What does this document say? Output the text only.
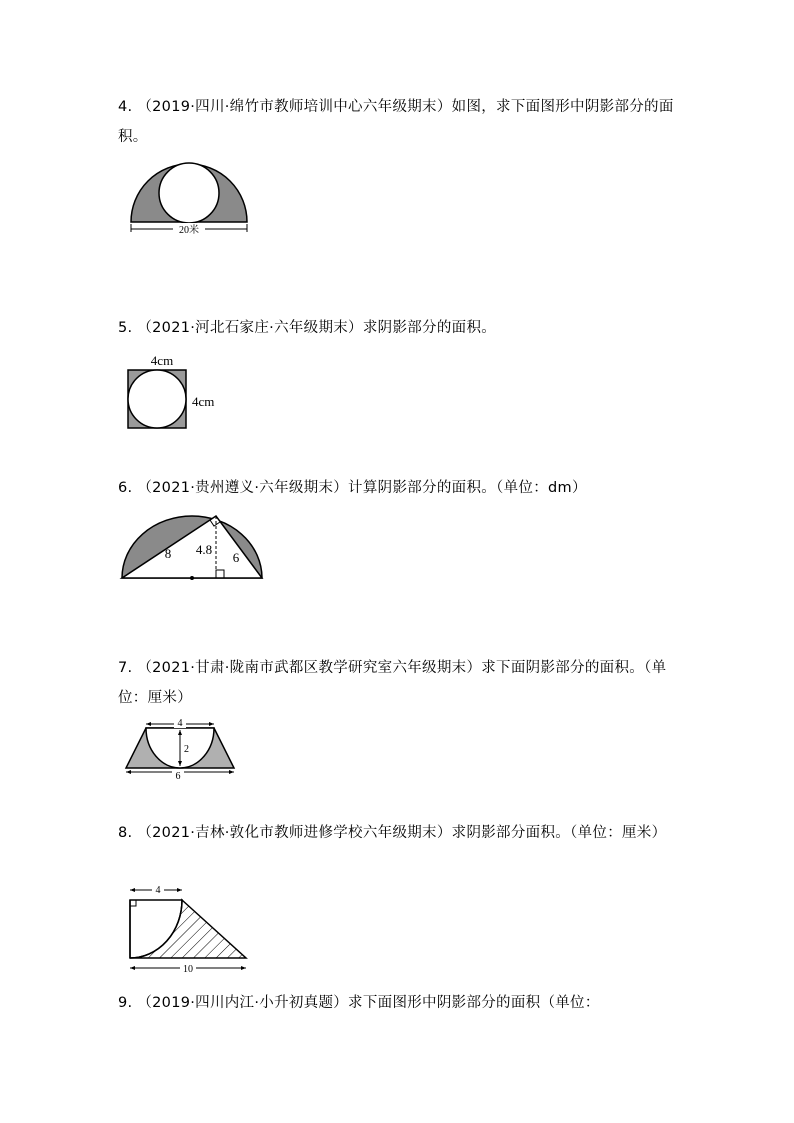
4. （2019·四川·绵竹市教师培训中心六年级期末）如图，求下面图形中阴影部分的面积。
20米
5. （2021·河北石家庄·六年级期末）求阴影部分的面积。
4cm
4cm
6. （2021·贵州遵义·六年级期末）计算阴影部分的面积。（单位：dm）
8 4.8
6
7. （2021·甘肃·陇南市武都区教学研究室六年级期末）求下面阴影部分的面积。（单位：厘米）
4
2
6
8. （2021·吉林·敦化市教师进修学校六年级期末）求阴影部分面积。（单位：厘米）
4
10
9. （2019·四川内江·小升初真题）求下面图形中阴影部分的面积（单位：
